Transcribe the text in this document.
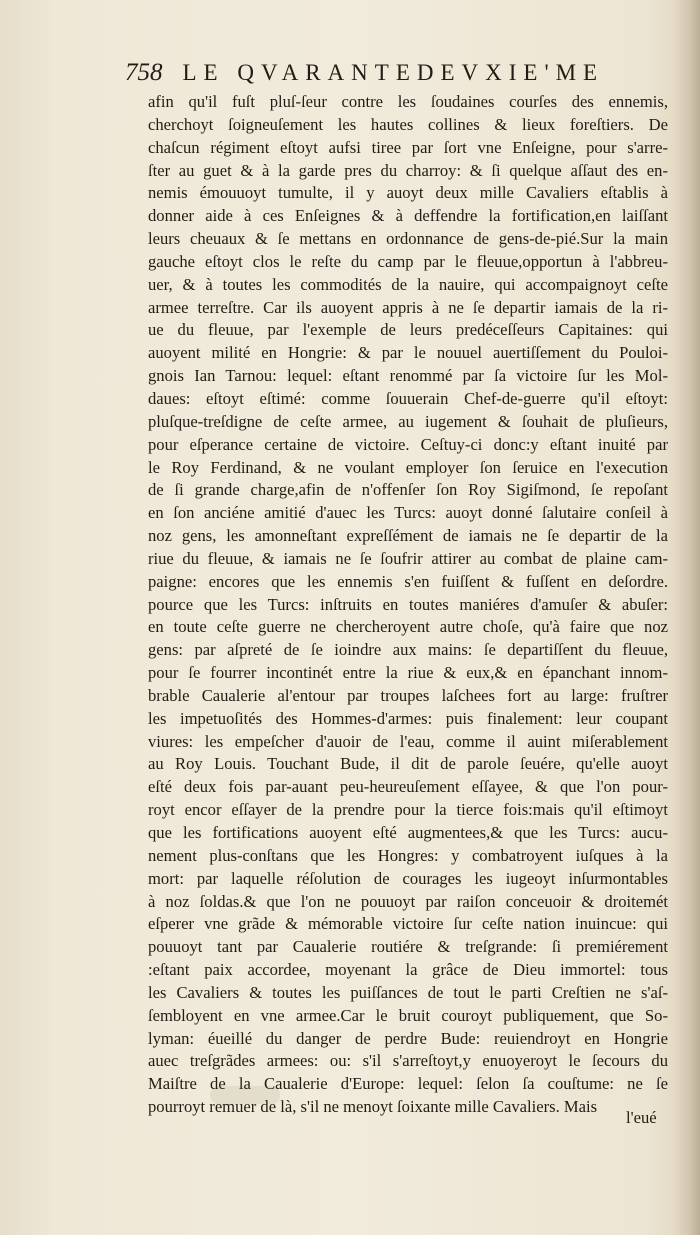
758 LE QVARANTEDEVXIE'ME
afin qu'il fuſt pluſ-ſeur contre les ſoudaines courſes des ennemis,
cherchoyt ſoigneuſement les hautes collines & lieux foreſtiers. De
chaſcun régiment eſtoyt aufsi tiree par ſort vne Enſeigne, pour s'arre-
ſter au guet & à la garde pres du charroy: & ſi quelque aſſaut des en-
nemis émouuoyt tumulte, il y auoyt deux mille Cavaliers eſtablis à
donner aide à ces Enſeignes & à deffendre la fortification,en laiſſant
leurs cheuaux & ſe mettans en ordonnance de gens-de-pié.Sur la main
gauche eſtoyt clos le reſte du camp par le fleuue,opportun à l'abbreu-
uer, & à toutes les commodités de la nauire, qui accompaignoyt ceſte
armee terreſtre. Car ils auoyent appris à ne ſe departir iamais de la ri-
ue du fleuue, par l'exemple de leurs predéceſſeurs Capitaines: qui
auoyent milité en Hongrie: & par le nouuel auertiſſement du Pouloi-
gnois Ian Tarnou: lequel: eſtant renommé par ſa victoire ſur les Mol-
daues: eſtoyt eſtimé: comme ſouuerain Chef-de-guerre qu'il eſtoyt:
pluſque-treſdigne de ceſte armee, au iugement & ſouhait de pluſieurs,
pour eſperance certaine de victoire. Ceſtuy-ci donc:y eſtant inuité par
le Roy Ferdinand, & ne voulant employer ſon ſeruice en l'execution
de ſi grande charge,afin de n'offenſer ſon Roy Sigiſmond, ſe repoſant
en ſon anciéne amitié d'auec les Turcs: auoyt donné ſalutaire conſeil à
noz gens, les amonneſtant expreſſément de iamais ne ſe departir de la
riue du fleuue, & iamais ne ſe ſoufrir attirer au combat de plaine cam-
paigne: encores que les ennemis s'en fuiſſent & fuſſent en deſordre.
pource que les Turcs: inſtruits en toutes maniéres d'amuſer & abuſer:
en toute ceſte guerre ne chercheroyent autre choſe, qu'à faire que noz
gens: par aſpreté de ſe ioindre aux mains: ſe departiſſent du fleuue,
pour ſe fourrer incontinét entre la riue & eux,& en épanchant innom-
brable Caualerie al'entour par troupes laſchees fort au large: fruſtrer
les impetuoſités des Hommes-d'armes: puis finalement: leur coupant
viures: les empeſcher d'auoir de l'eau, comme il auint miſerablement
au Roy Louis. Touchant Bude, il dit de parole ſeuére, qu'elle auoyt
eſté deux fois par-auant peu-heureuſement eſſayee, & que l'on pour-
royt encor eſſayer de la prendre pour la tierce fois:mais qu'il eſtimoyt
que les fortifications auoyent eſté augmentees,& que les Turcs: aucu-
nement plus-conſtans que les Hongres: y combatroyent iuſques à la
mort: par laquelle réſolution de courages les iugeoyt inſurmontables
à noz ſoldas.& que l'on ne pouuoyt par raiſon conceuoir & droitemét
eſperer vne grãde & mémorable victoire ſur ceſte nation inuincue: qui
pouuoyt tant par Caualerie routiére & treſgrande: ſi premiérement
:eſtant paix accordee, moyenant la grâce de Dieu immortel: tous
les Cavaliers & toutes les puiſſances de tout le parti Creſtien ne s'aſ-
ſembloyent en vne armee.Car le bruit couroyt publiquement, que So-
lyman: éueillé du danger de perdre Bude: reuiendroyt en Hongrie
auec treſgrãdes armees: ou: s'il s'arreſtoyt,y enuoyeroyt le ſecours du
Maiſtre de la Caualerie d'Europe: lequel: ſelon ſa couſtume: ne ſe
pourroyt remuer de là, s'il ne menoyt ſoixante mille Cavaliers. Mais
l'eué
